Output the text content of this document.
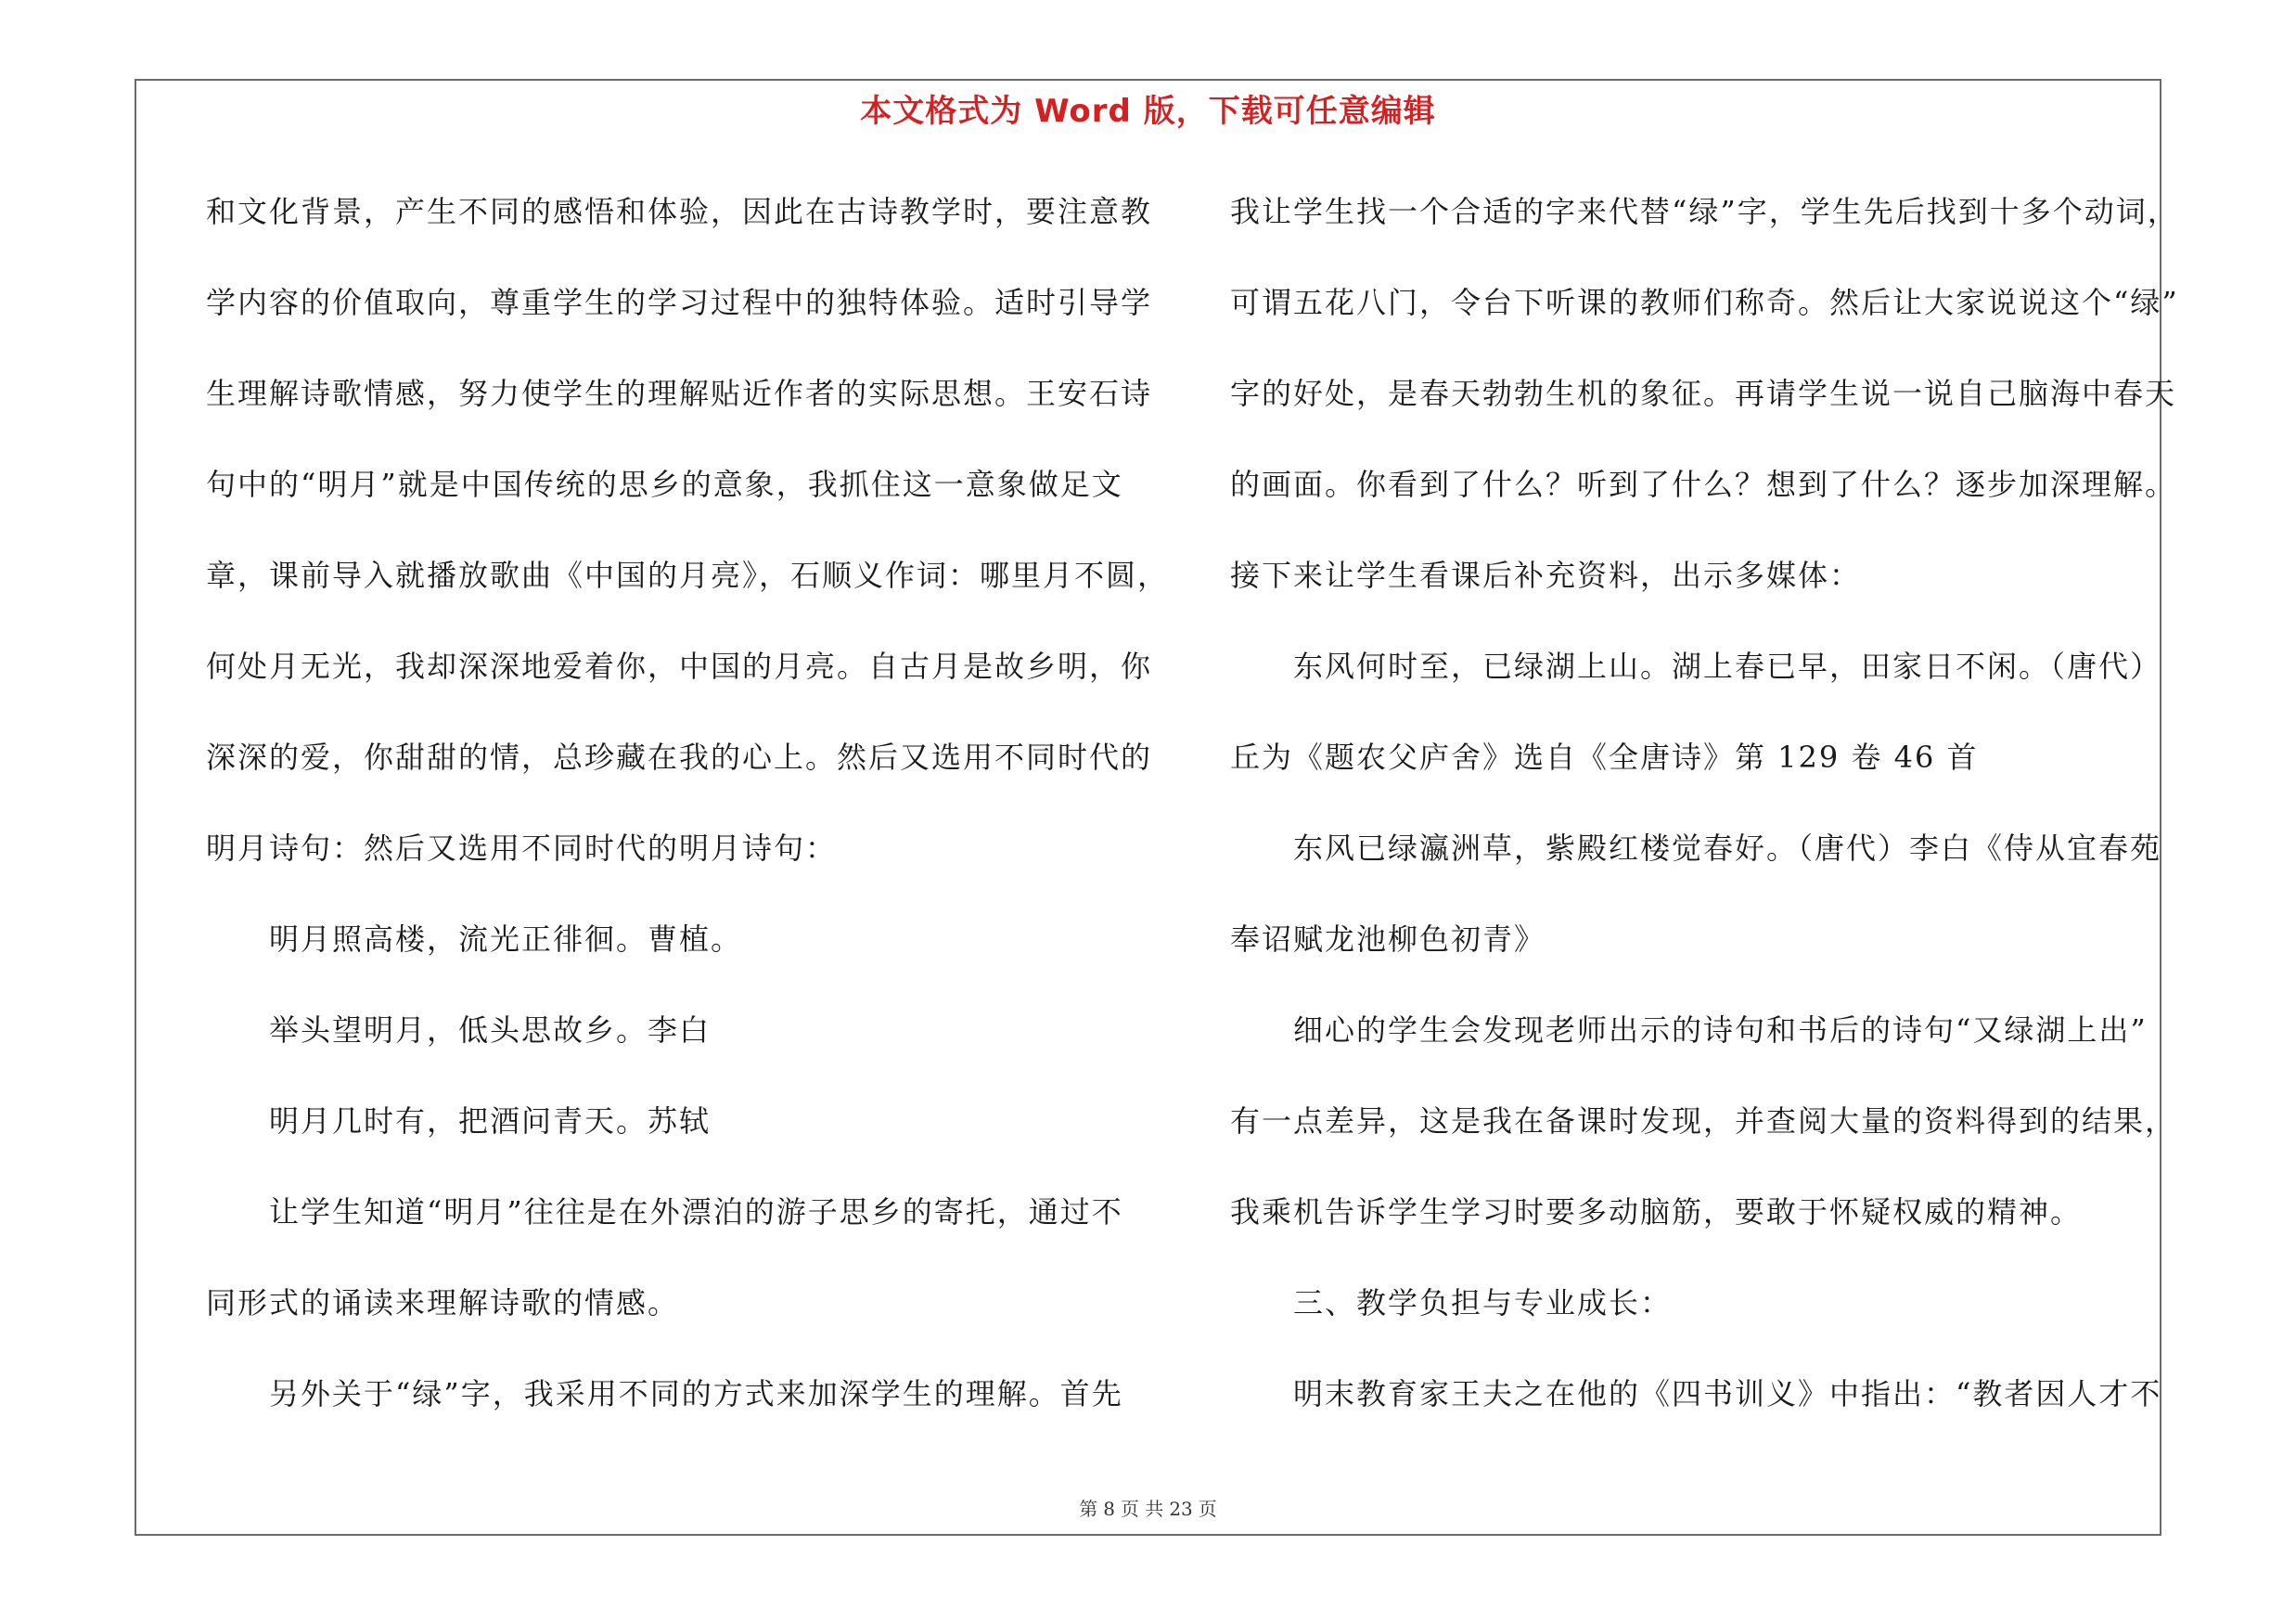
本文格式为 Word 版，下载可任意编辑
和文化背景，产生不同的感悟和体验，因此在古诗教学时，要注意教
学内容的价值取向，尊重学生的学习过程中的独特体验。适时引导学
生理解诗歌情感，努力使学生的理解贴近作者的实际思想。王安石诗
句中的“明月”就是中国传统的思乡的意象，我抓住这一意象做足文
章，课前导入就播放歌曲《中国的月亮》，石顺义作词：哪里月不圆，
何处月无光，我却深深地爱着你，中国的月亮。自古月是故乡明，你
深深的爱，你甜甜的情，总珍藏在我的心上。然后又选用不同时代的
明月诗句：然后又选用不同时代的明月诗句：
明月照高楼，流光正徘徊。曹植。
举头望明月，低头思故乡。李白
明月几时有，把酒问青天。苏轼
让学生知道“明月”往往是在外漂泊的游子思乡的寄托，通过不
同形式的诵读来理解诗歌的情感。
另外关于“绿”字，我采用不同的方式来加深学生的理解。首先
我让学生找一个合适的字来代替“绿”字，学生先后找到十多个动词，
可谓五花八门，令台下听课的教师们称奇。然后让大家说说这个“绿”
字的好处，是春天勃勃生机的象征。再请学生说一说自己脑海中春天
的画面。你看到了什么？听到了什么？想到了什么？逐步加深理解。
接下来让学生看课后补充资料，出示多媒体：
东风何时至，已绿湖上山。湖上春已早，田家日不闲。（唐代）
丘为《题农父庐舍》选自《全唐诗》第 129 卷 46 首
东风已绿瀛洲草，紫殿红楼觉春好。（唐代）李白《侍从宜春苑
奉诏赋龙池柳色初青》
细心的学生会发现老师出示的诗句和书后的诗句“又绿湖上出”
有一点差异，这是我在备课时发现，并查阅大量的资料得到的结果，
我乘机告诉学生学习时要多动脑筋，要敢于怀疑权威的精神。
三、教学负担与专业成长：
明末教育家王夫之在他的《四书训义》中指出：“教者因人才不
第 8 页 共 23 页
